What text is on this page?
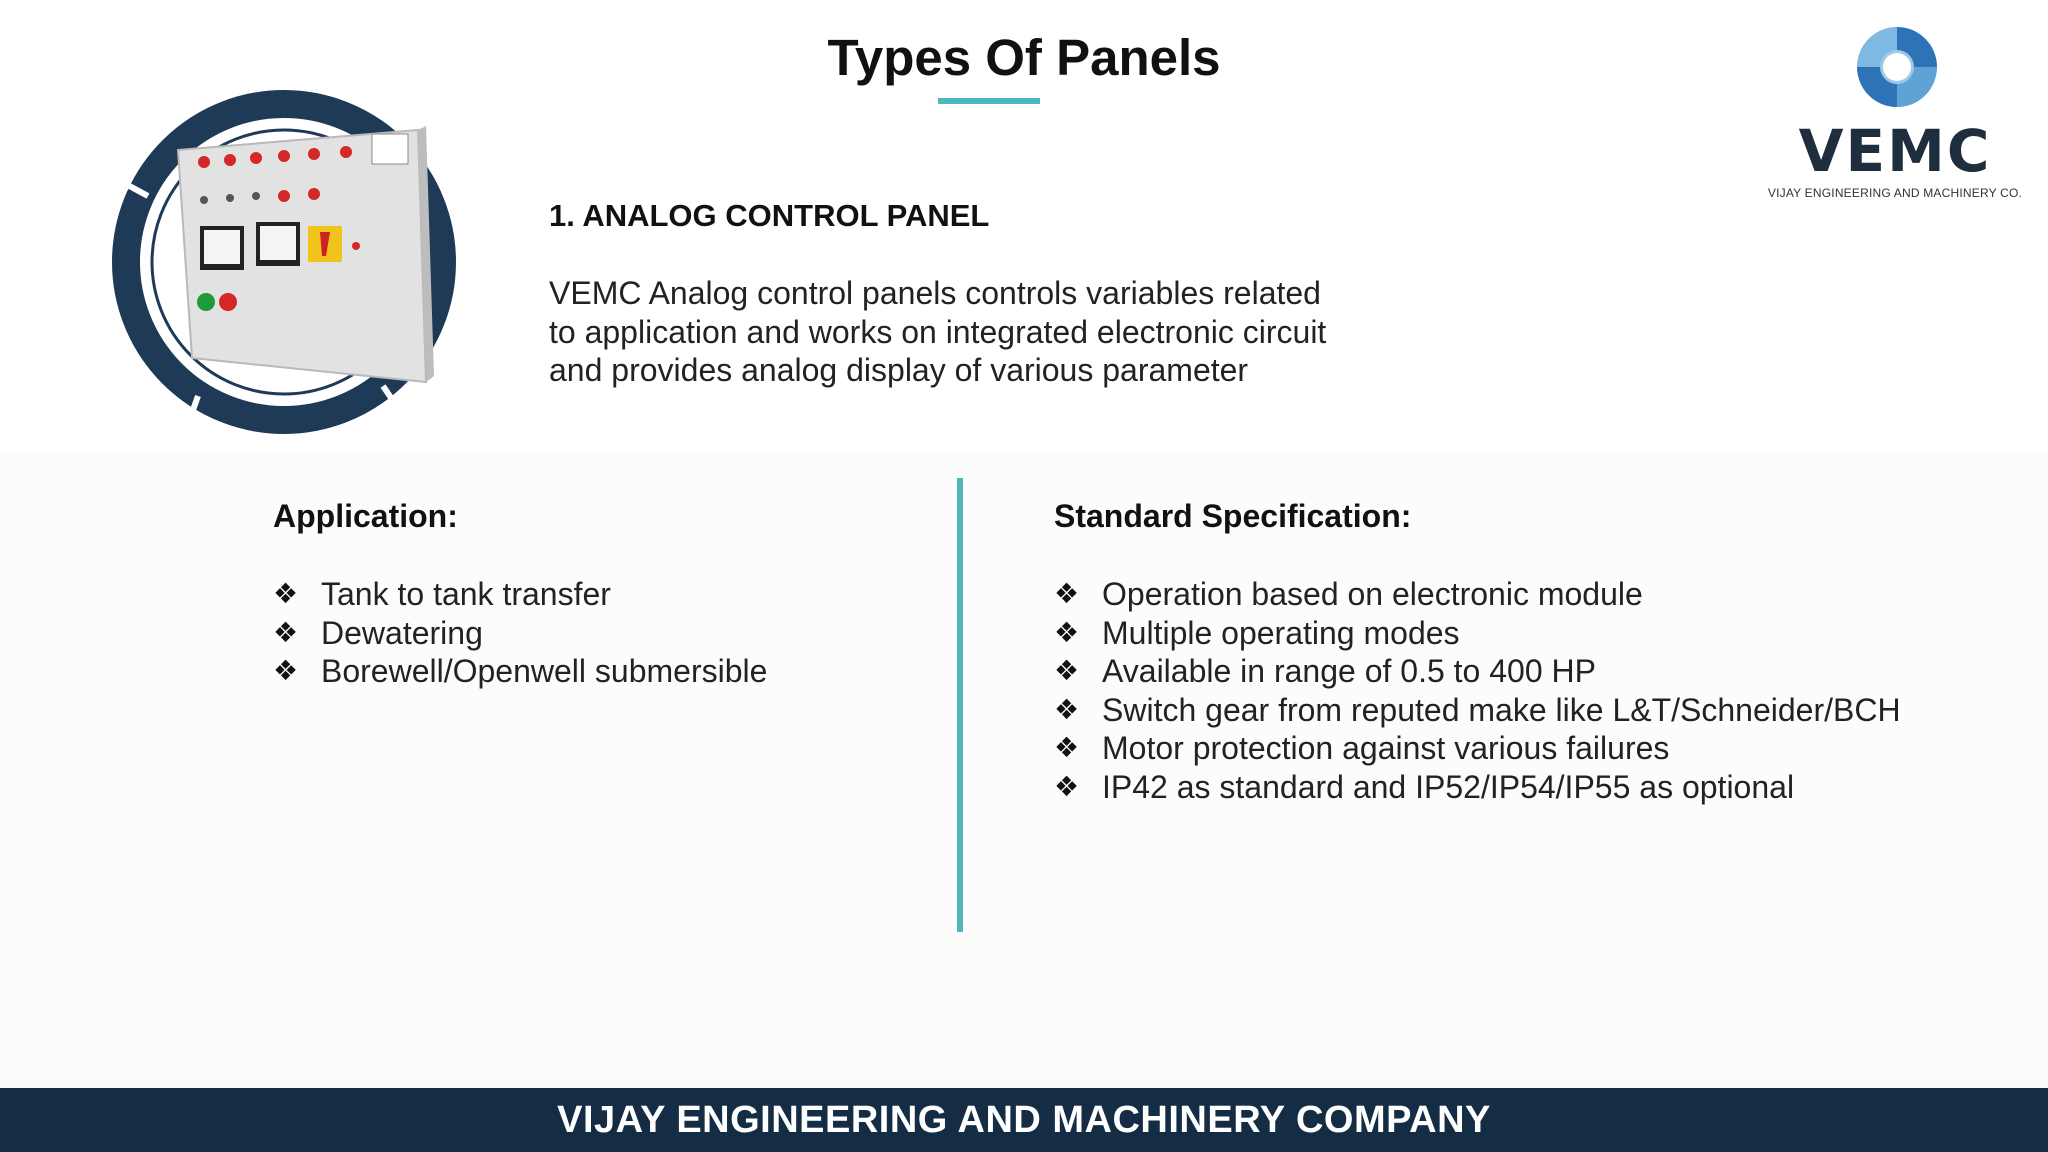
Types Of Panels
VEMC
VIJAY ENGINEERING AND MACHINERY CO.
1. ANALOG CONTROL PANEL
VEMC Analog control panels controls variables related
to application and works on integrated electronic circuit
and provides analog display of various parameter
Application:
❖ Tank to tank transfer
❖ Dewatering
❖ Borewell/Openwell submersible
Standard Specification:
❖ Operation based on electronic module
❖ Multiple operating modes
❖ Available in range of 0.5 to 400 HP
❖ Switch gear from reputed make like L&T/Schneider/BCH
❖ Motor protection against various failures
❖ IP42 as standard and IP52/IP54/IP55 as optional
VIJAY ENGINEERING AND MACHINERY COMPANY
